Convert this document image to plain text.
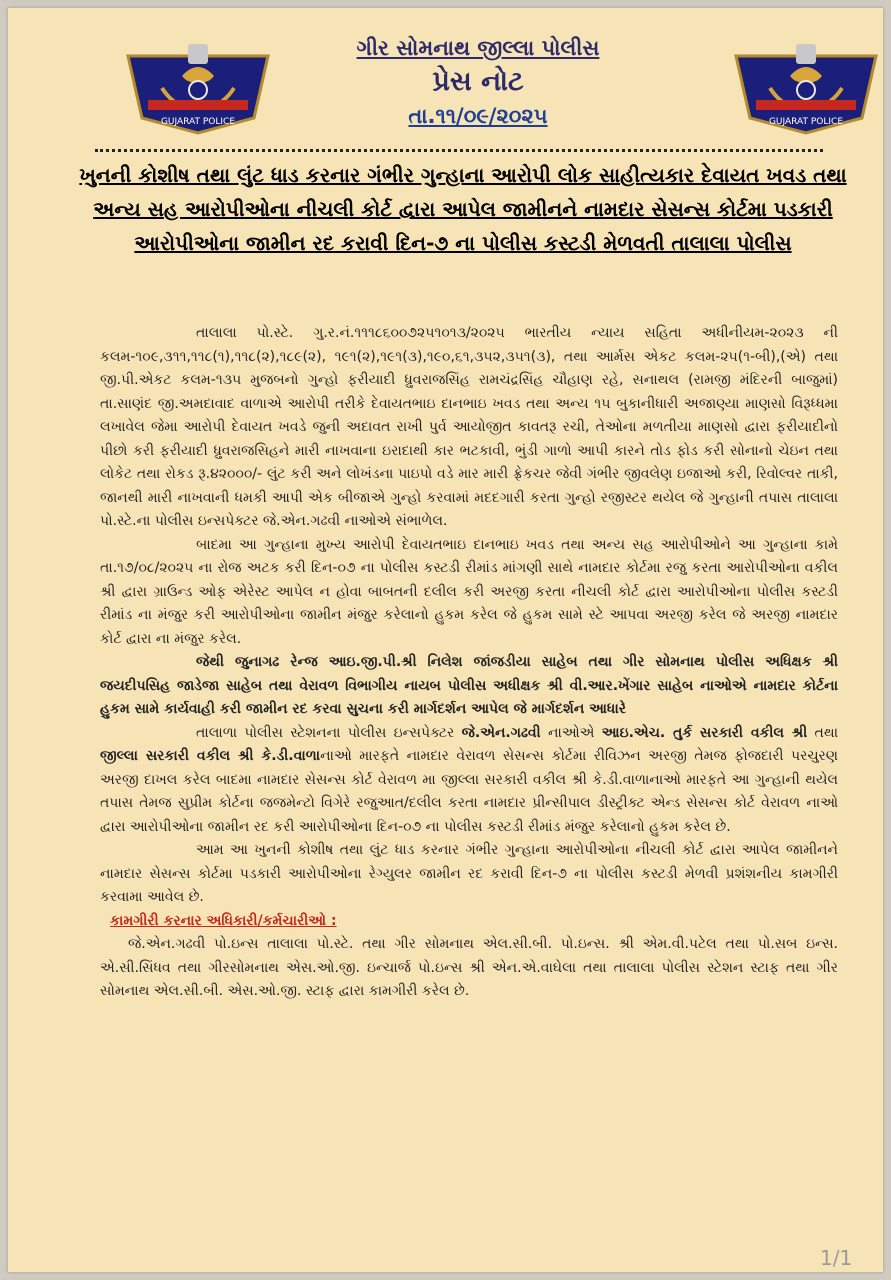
GUJARAT POLICE	GUJARAT POLICE
ગીર સોમનાથ જીલ્લા પોલીસ
પ્રેસ નોટ
તા.૧૧/૦૯/૨૦૨૫
ખુનની કોશીષ તથા લુંટ ધાડ કરનાર ગંભીર ગુન્હાના આરોપી લોક સાહીત્યકાર દેવાયત ખવડ તથા અન્ય સહ આરોપીઓના નીચલી કોર્ટ દ્વારા આપેલ જામીનને નામદાર સેસન્સ કોર્ટમા પડકારી આરોપીઓના જામીન રદ કરાવી દિન-૭ ના પોલીસ કસ્ટડી મેળવતી તાલાલા પોલીસ

તાલાલા પો.સ્ટે. ગુ.ર.નં.૧૧૧૮૬૦૦૭૨૫૧૦૧૩/૨૦૨૫ ભારતીય ન્યાય સહિતા અધીનીયમ-૨૦૨૩ ની કલમ-૧૦૯,૩૧૧,૧૧૮(૧),૧૧૮(૨),૧૮૯(૨), ૧૯૧(૨),૧૯૧(૩),૧૯૦,૬૧,૩૫૨,૩૫૧(૩), તથા આર્મસ એકટ કલમ-૨૫(૧-બી),(એ) તથા જી.પી.એકટ કલમ-૧૩૫ મુજબનો ગુન્હો ફરીયાદી ધ્રુવરાજસિંહ રામચંદ્રસિંહ ચૌહાણ રહે, સનાથલ (રામજી મંદિરની બાજુમાં) તા.સાણંદ જી.અમદાવાદ વાળાએ આરોપી તરીકે દેવાયતભાઇ દાનભાઇ ખવડ તથા અન્ય ૧૫ બુકાનીધારી અજાણ્યા માણસો વિરૂધ્ધમા લખાવેલ જેમા આરોપી દેવાયત ખવડે જુની અદાવત રાખી પુર્વ આયોજીત કાવતરૂ રચી, તેઓના મળતીયા માણસો દ્વારા ફરીયાદીનો પીછો કરી ફરીયાદી ધ્રુવરાજસિહને મારી નાખવાના ઇરાદાથી કાર ભટકાવી, ભુંડી ગાળો આપી કારને તોડ ફોડ કરી સોનાનો ચેઇન તથા લોકેટ તથા રોકડ રૂ.૪૨૦૦૦/- લુંટ કરી અને લોખંડના પાઇપો વડે માર મારી ફ્રેકચર જેવી ગંભીર જીવલેણ ઇજાઓ કરી, રિવોલ્વર તાકી, જાનથી મારી નાખવાની ધમકી આપી એક બીજાએ ગુન્હો કરવામાં મદદગારી કરતા ગુન્હો રજીસ્ટર થયેલ જે ગુન્હાની તપાસ તાલાલા પો.સ્ટે.ના પોલીસ ઇન્સપેક્ટર જે.એન.ગઢવી નાઓએ સંભાળેલ.

બાદમા આ ગુન્હાના મુખ્ય આરોપી દેવાયતભાઇ દાનભાઇ ખવડ તથા અન્ય સહ આરોપીઓને આ ગુન્હાના કામે તા.૧૭/૦૮/૨૦૨૫ ના રોજ અટક કરી દિન-૦૭ ના પોલીસ કસ્ટડી રીમાંડ માંગણી સાથે નામદાર કોર્ટમા રજુ કરતા આરોપીઓના વકીલ શ્રી દ્વારા ગ્રાઉન્ડ ઓફ એરેસ્ટ આપેલ ન હોવા બાબતની દલીલ કરી અરજી કરતા નીચલી કોર્ટ દ્વારા આરોપીઓના પોલીસ કસ્ટડી રીમાંડ ના મંજુર કરી આરોપીઓના જામીન મંજુર કરેલાનો હુકમ કરેલ જે હુકમ સામે સ્ટે આપવા અરજી કરેલ જે અરજી નામદાર કોર્ટ દ્વારા ના મંજુર કરેલ.

જેથી જુનાગઢ રેન્જ આઇ.જી.પી.શ્રી નિલેશ જાંજડીયા સાહેબ તથા ગીર સોમનાથ પોલીસ અધિક્ષક શ્રી જયદીપસિહ જાડેજા સાહેબ તથા વેરાવળ વિભાગીય નાયબ પોલીસ અધીક્ષક શ્રી વી.આર.ખેંગાર સાહેબ નાઓએ નામદાર કોર્ટના હુકમ સામે કાર્યવાહી કરી જામીન રદ કરવા સુચના કરી માર્ગદર્શન આપેલ જે માર્ગદર્શન આધારે

તાલાળા પોલીસ સ્ટેશનના પોલીસ ઇન્સપેક્ટર જે.એન.ગઢવી નાઓએ આઇ.એચ. તુર્ક સરકારી વકીલ શ્રી તથા જીલ્લા સરકારી વકીલ શ્રી કે.ડી.વાળાનાઓ મારફતે નામદાર વેરાવળ સેસન્સ કોર્ટમા રીવિઝન અરજી તેમજ ફોજદારી પરચુરણ અરજી દાખલ કરેલ બાદમા નામદાર સેસન્સ કોર્ટ વેરાવળ મા જીલ્લા સરકારી વકીલ શ્રી કે.ડી.વાળાનાઓ મારફતે આ ગુન્હાની થયેલ તપાસ તેમજ સુપ્રીમ કોર્ટના જજમેન્ટો વિગેરે રજુઆત/દલીલ કરતા નામદાર પ્રીન્સીપાલ ડીસ્ટ્રીક્ટ એન્ડ સેસન્સ કોર્ટ વેરાવળ નાઓ દ્વારા આરોપીઓના જામીન રદ કરી આરોપીઓના દિન-૦૭ ના પોલીસ કસ્ટડી રીમાંડ મંજુર કરેલાનો હુકમ કરેલ છે.

આમ આ ખુનની કોશીષ તથા લુંટ ધાડ કરનાર ગંભીર ગુન્હાના આરોપીઓના નીચલી કોર્ટ દ્વારા આપેલ જામીનને નામદાર સેસન્સ કોર્ટમા પડકારી આરોપીઓના રેગ્યુલર જામીન રદ કરાવી દિન-૭ ના પોલીસ કસ્ટડી મેળવી પ્રશંશનીય કામગીરી કરવામા આવેલ છે.

કામગીરી કરનાર અધિકારી/કર્મચારીઓ :

જે.એન.ગઢવી પો.ઇન્સ તાલાલા પો.સ્ટે. તથા ગીર સોમનાથ એલ.સી.બી. પો.ઇન્સ. શ્રી એમ.વી.પટેલ તથા પો.સબ ઇન્સ. એ.સી.સિંધવ તથા ગીરસોમનાથ એસ.ઓ.જી. ઇન્ચાર્જ પો.ઇન્સ શ્રી એન.એ.વાઘેલા તથા તાલાલા પોલીસ સ્ટેશન સ્ટાફ તથા ગીર સોમનાથ એલ.સી.બી. એસ.ઓ.જી. સ્ટાફ દ્વારા કામગીરી કરેલ છે.

1/1
